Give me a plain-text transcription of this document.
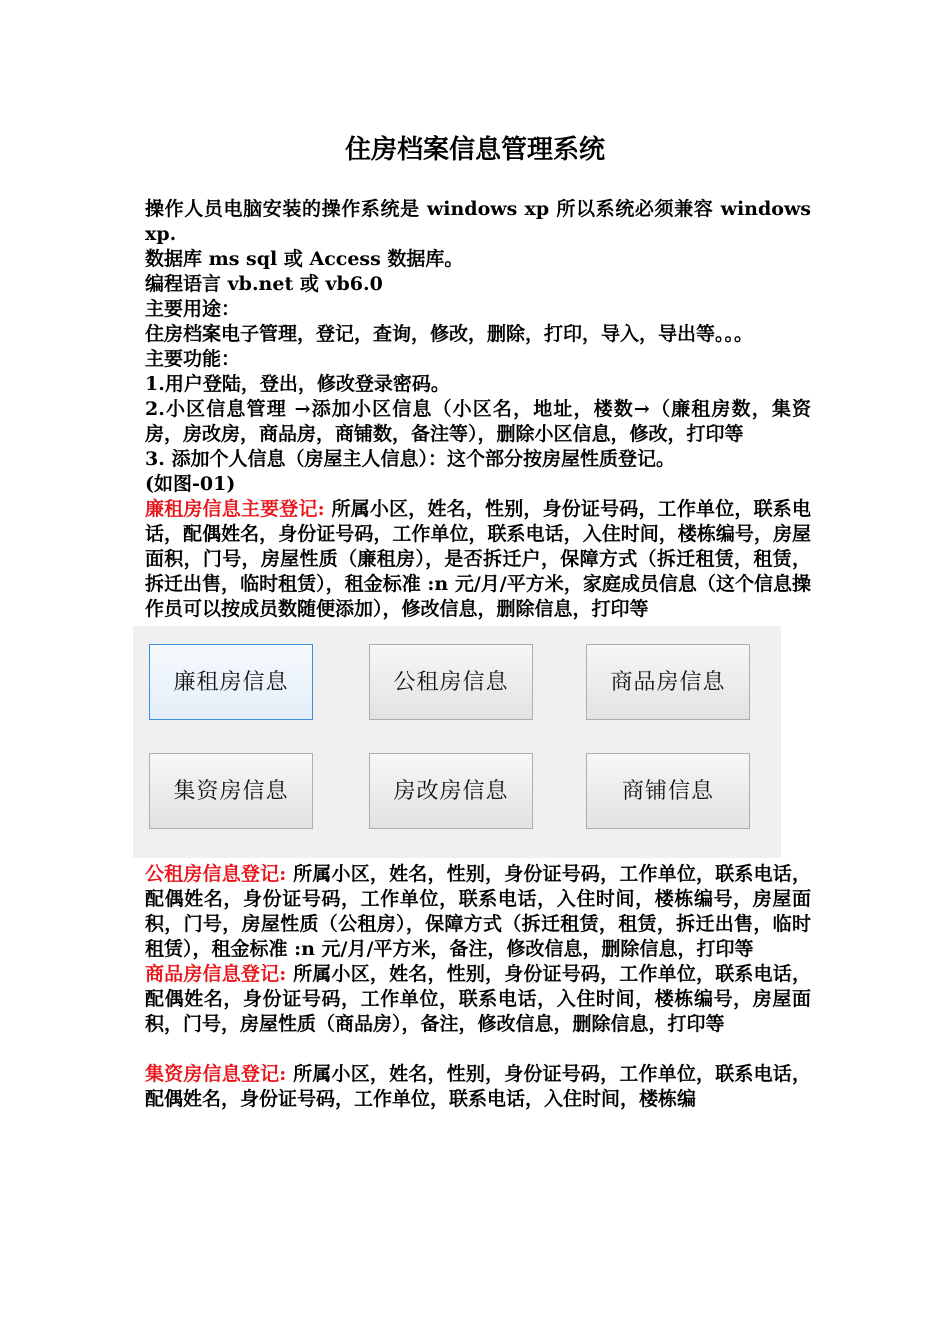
住房档案信息管理系统

操作人员电脑安装的操作系统是 windows xp 所以系统必须兼容 windows xp.

数据库 ms sql 或 Access 数据库。

编程语言 vb.net 或 vb6.0

主要用途：

住房档案电子管理，登记，查询，修改，删除，打印，导入，导出等。。。

主要功能：

1.用户登陆，登出，修改登录密码。

2.小区信息管理 →添加小区信息（小区名，地址，楼数→（廉租房数，集资房，房改房，商品房，商铺数，备注等），删除小区信息，修改，打印等

3. 添加个人信息（房屋主人信息）：这个部分按房屋性质登记。

(如图-01)

廉租房信息主要登记: 所属小区，姓名，性别，身份证号码，工作单位，联系电话，配偶姓名，身份证号码，工作单位，联系电话，入住时间，楼栋编号，房屋面积，门号，房屋性质（廉租房），是否拆迁户，保障方式（拆迁租赁，租赁，拆迁出售，临时租赁），租金标准 :n 元/月/平方米，家庭成员信息（这个信息操作员可以按成员数随便添加），修改信息，删除信息，打印等

廉租房信息	公租房信息	商品房信息
集资房信息	房改房信息	商铺信息

公租房信息登记: 所属小区，姓名，性别，身份证号码，工作单位，联系电话，配偶姓名，身份证号码，工作单位，联系电话，入住时间，楼栋编号，房屋面积，门号，房屋性质（公租房），保障方式（拆迁租赁，租赁，拆迁出售，临时租赁），租金标准 :n 元/月/平方米，备注，修改信息，删除信息，打印等

商品房信息登记: 所属小区，姓名，性别，身份证号码，工作单位，联系电话，配偶姓名，身份证号码，工作单位，联系电话，入住时间，楼栋编号，房屋面积，门号，房屋性质（商品房），备注，修改信息，删除信息，打印等

集资房信息登记: 所属小区，姓名，性别，身份证号码，工作单位，联系电话，配偶姓名，身份证号码，工作单位，联系电话，入住时间，楼栋编
